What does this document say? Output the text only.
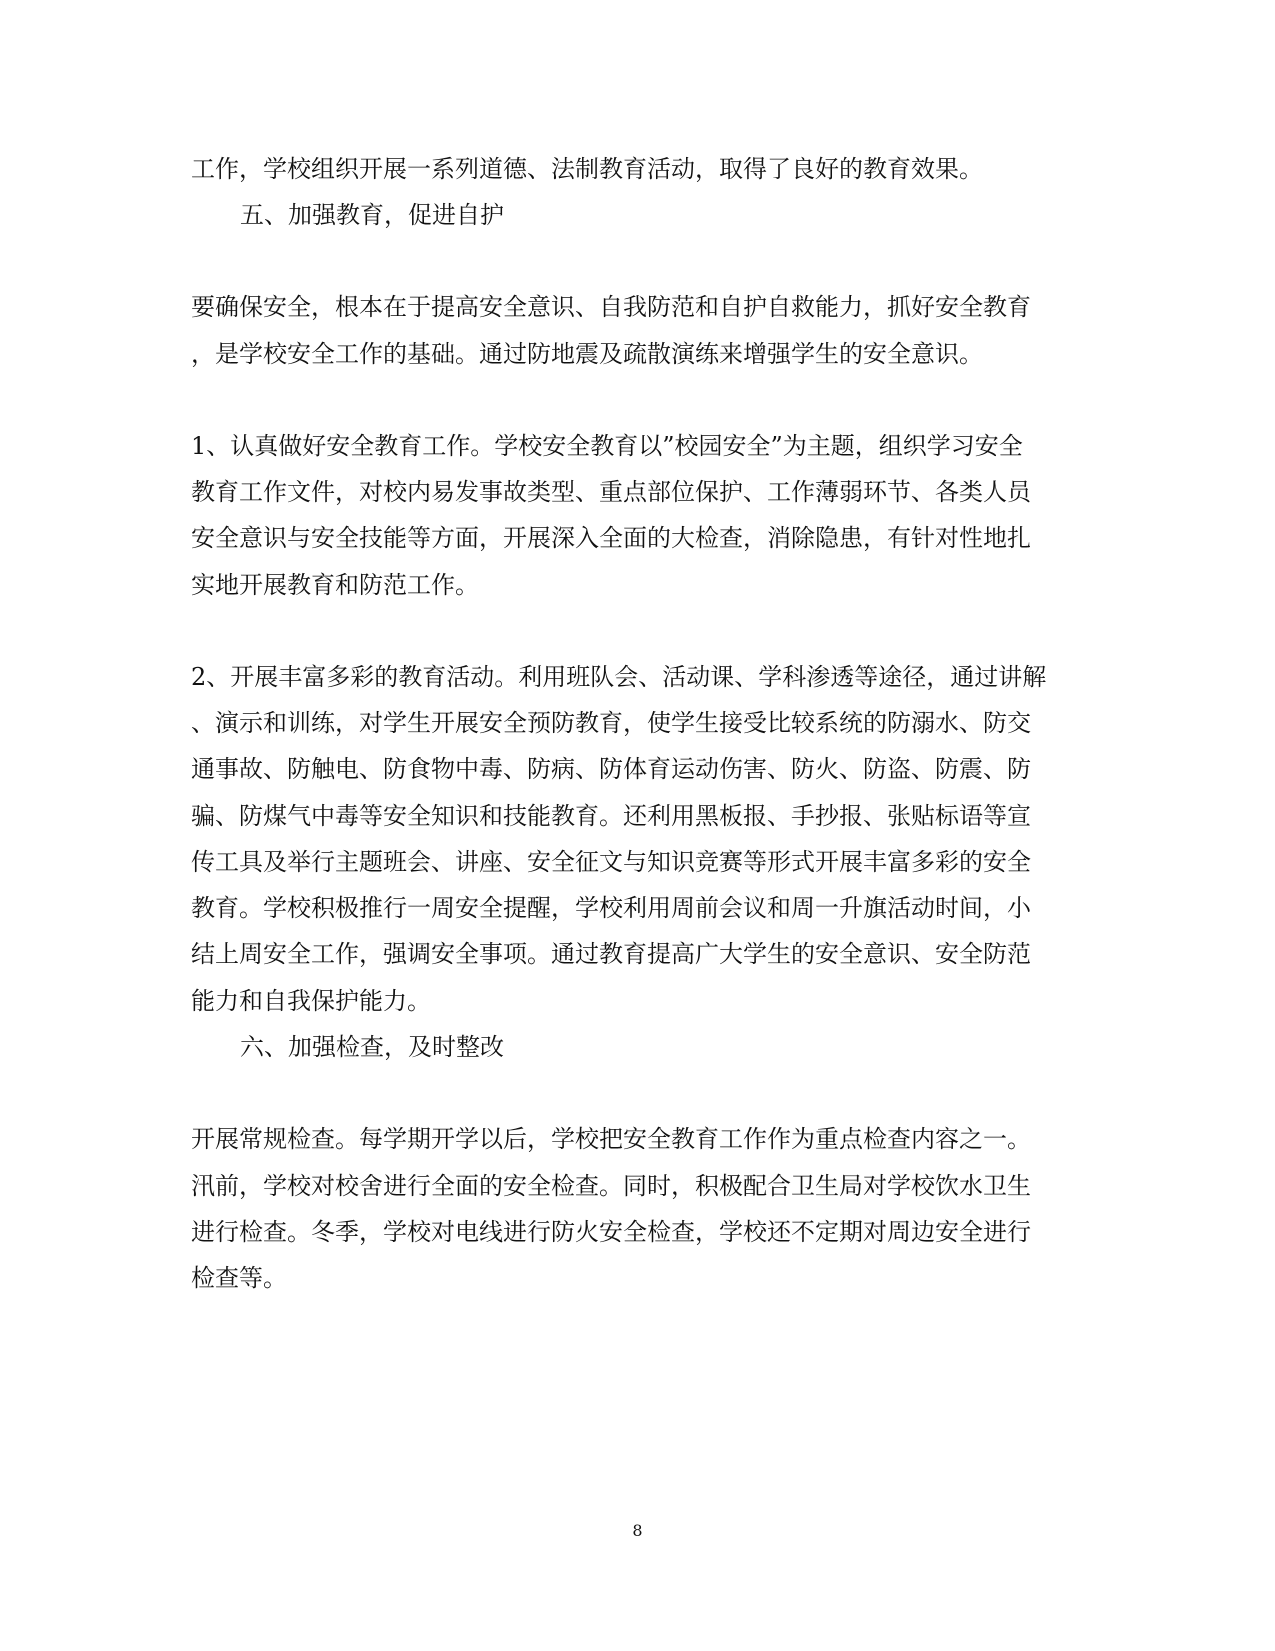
工作，学校组织开展一系列道德、法制教育活动，取得了良好的教育效果。
五、加强教育，促进自护
要确保安全，根本在于提高安全意识、自我防范和自护自救能力，抓好安全教育
，是学校安全工作的基础。通过防地震及疏散演练来增强学生的安全意识。
1、认真做好安全教育工作。学校安全教育以”校园安全”为主题，组织学习安全
教育工作文件，对校内易发事故类型、重点部位保护、工作薄弱环节、各类人员
安全意识与安全技能等方面，开展深入全面的大检查，消除隐患，有针对性地扎
实地开展教育和防范工作。
2、开展丰富多彩的教育活动。利用班队会、活动课、学科渗透等途径，通过讲解
、演示和训练，对学生开展安全预防教育，使学生接受比较系统的防溺水、防交
通事故、防触电、防食物中毒、防病、防体育运动伤害、防火、防盗、防震、防
骗、防煤气中毒等安全知识和技能教育。还利用黑板报、手抄报、张贴标语等宣
传工具及举行主题班会、讲座、安全征文与知识竞赛等形式开展丰富多彩的安全
教育。学校积极推行一周安全提醒，学校利用周前会议和周一升旗活动时间，小
结上周安全工作，强调安全事项。通过教育提高广大学生的安全意识、安全防范
能力和自我保护能力。
六、加强检查，及时整改
开展常规检查。每学期开学以后，学校把安全教育工作作为重点检查内容之一。
汛前，学校对校舍进行全面的安全检查。同时，积极配合卫生局对学校饮水卫生
进行检查。冬季，学校对电线进行防火安全检查，学校还不定期对周边安全进行
检查等。
8
